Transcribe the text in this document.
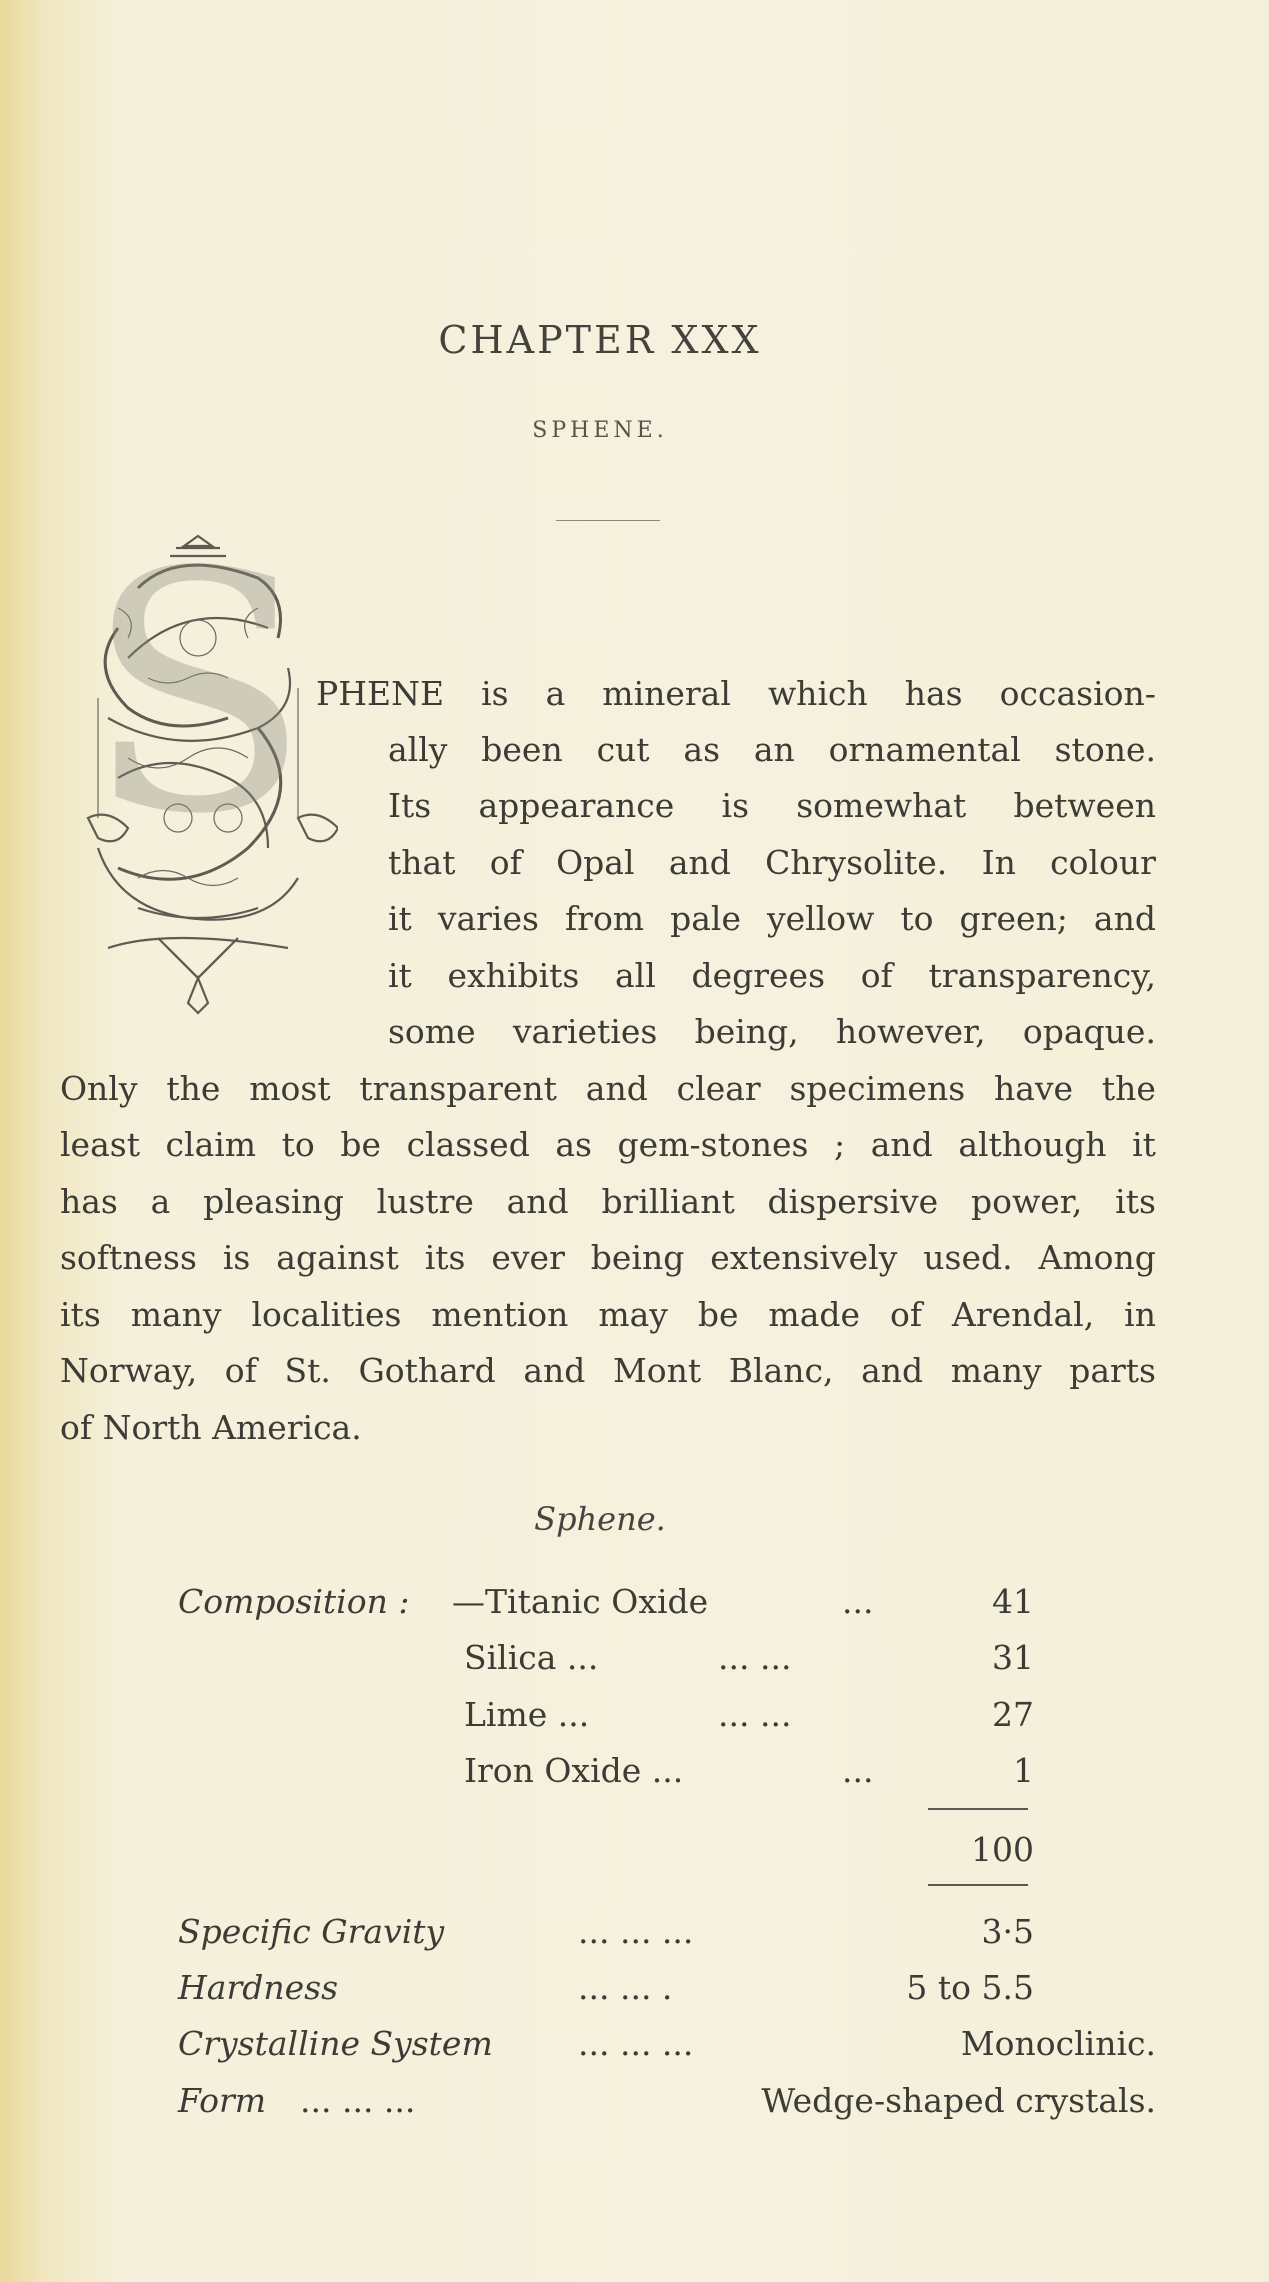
CHAPTER XXX
SPHENE.
S PHENE is a mineral which has occasion-
ally been cut as an ornamental stone.
Its appearance is somewhat between
that of Opal and Chrysolite. In colour
it varies from pale yellow to green; and
it exhibits all degrees of transparency,
some varieties being, however, opaque.
Only the most transparent and clear specimens have the
least claim to be classed as gem-stones ; and although it
has a pleasing lustre and brilliant dispersive power, its
softness is against its ever being extensively used. Among
its many localities mention may be made of Arendal, in
Norway, of St. Gothard and Mont Blanc, and many parts
of North America.
Sphene.
Composition : —Titanic Oxide	...	41
Silica ...	... ...	31
Lime ...	... ...	27
Iron Oxide ...	...	1
100
Specific Gravity	... ... ...	3·5
Hardness	... ... .	5 to 5.5
Crystalline System	... ... ...	Monoclinic.
Form ... ... ...	Wedge-shaped crystals.
